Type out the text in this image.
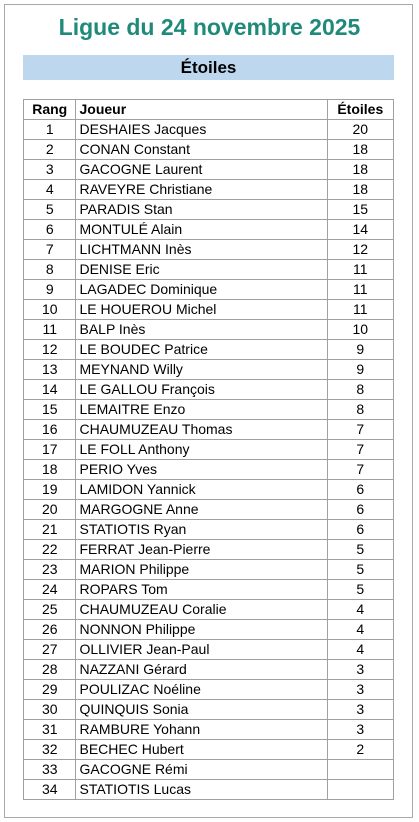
Ligue du 24 novembre 2025
Étoiles
Rang	Joueur	Étoiles
1	DESHAIES Jacques	20
2	CONAN Constant	18
3	GACOGNE Laurent	18
4	RAVEYRE Christiane	18
5	PARADIS Stan	15
6	MONTULÉ Alain	14
7	LICHTMANN Inès	12
8	DENISE Eric	11
9	LAGADEC Dominique	11
10	LE HOUEROU Michel	11
11	BALP Inès	10
12	LE BOUDEC Patrice	9
13	MEYNAND Willy	9
14	LE GALLOU François	8
15	LEMAITRE Enzo	8
16	CHAUMUZEAU Thomas	7
17	LE FOLL Anthony	7
18	PERIO Yves	7
19	LAMIDON Yannick	6
20	MARGOGNE Anne	6
21	STATIOTIS Ryan	6
22	FERRAT Jean-Pierre	5
23	MARION Philippe	5
24	ROPARS Tom	5
25	CHAUMUZEAU Coralie	4
26	NONNON Philippe	4
27	OLLIVIER Jean-Paul	4
28	NAZZANI Gérard	3
29	POULIZAC Noéline	3
30	QUINQUIS Sonia	3
31	RAMBURE Yohann	3
32	BECHEC Hubert	2
33	GACOGNE Rémi	
34	STATIOTIS Lucas	
